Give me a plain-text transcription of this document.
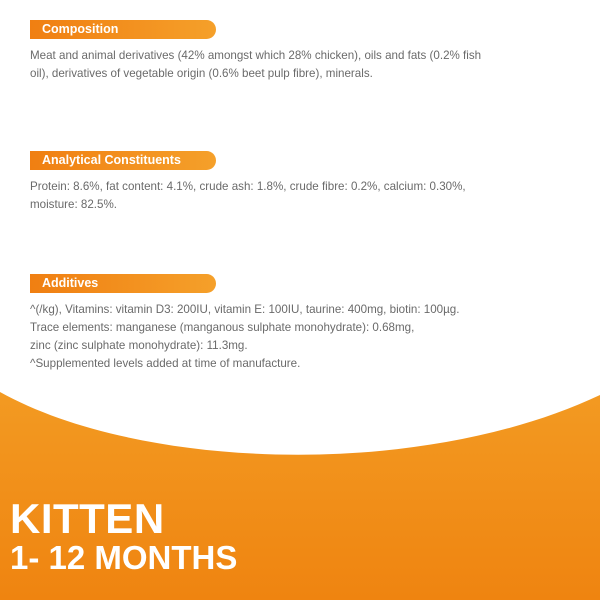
Composition
Meat and animal derivatives (42% amongst which 28% chicken), oils and fats (0.2% fish
oil), derivatives of vegetable origin (0.6% beet pulp fibre), minerals.
Analytical Constituents
Protein: 8.6%, fat content: 4.1%, crude ash: 1.8%, crude fibre: 0.2%, calcium: 0.30%,
moisture: 82.5%.
Additives
^(/kg), Vitamins: vitamin D3: 200IU, vitamin E: 100IU, taurine: 400mg, biotin: 100µg.
Trace elements: manganese (manganous sulphate monohydrate): 0.68mg,
zinc (zinc sulphate monohydrate): 11.3mg.
^Supplemented levels added at time of manufacture.
KITTEN
1- 12 MONTHS
